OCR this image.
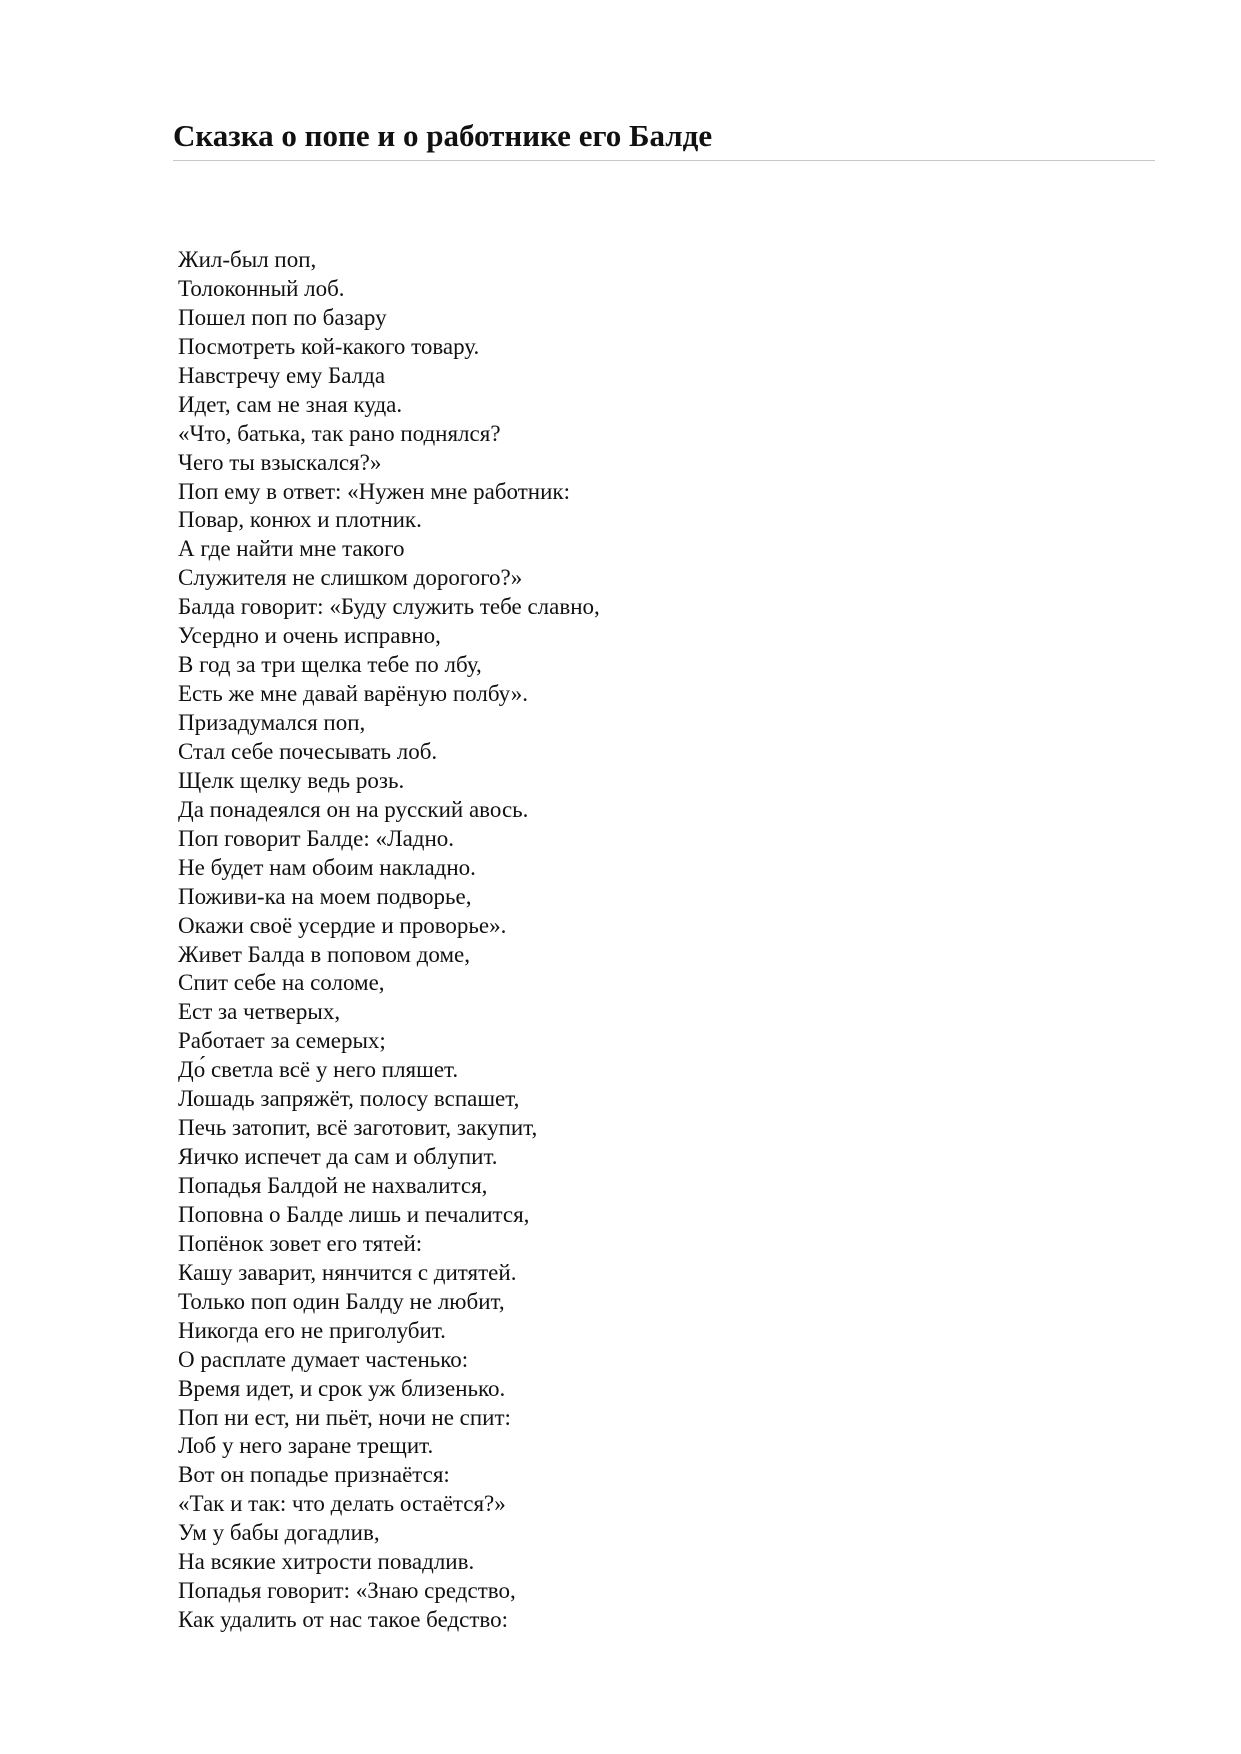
Сказка о попе и о работнике его Балде
Жил-был поп,
Толоконный лоб.
Пошел поп по базару
Посмотреть кой-какого товару.
Навстречу ему Балда
Идет, сам не зная куда.
«Что, батька, так рано поднялся?
Чего ты взыскался?»
Поп ему в ответ: «Нужен мне работник:
Повар, конюх и плотник.
А где найти мне такого
Служителя не слишком дорогого?»
Балда говорит: «Буду служить тебе славно,
Усердно и очень исправно,
В год за три щелка тебе по лбу,
Есть же мне давай варёную полбу».
Призадумался поп,
Стал себе почесывать лоб.
Щелк щелку ведь розь.
Да понадеялся он на русский авось.
Поп говорит Балде: «Ладно.
Не будет нам обоим накладно.
Поживи-ка на моем подворье,
Окажи своё усердие и проворье».
Живет Балда в поповом доме,
Спит себе на соломе,
Ест за четверых,
Работает за семерых;
До́ светла всё у него пляшет.
Лошадь запряжёт, полосу вспашет,
Печь затопит, всё заготовит, закупит,
Яичко испечет да сам и облупит.
Попадья Балдой не нахвалится,
Поповна о Балде лишь и печалится,
Попёнок зовет его тятей:
Кашу заварит, нянчится с дитятей.
Только поп один Балду не любит,
Никогда его не приголубит.
О расплате думает частенько:
Время идет, и срок уж близенько.
Поп ни ест, ни пьёт, ночи не спит:
Лоб у него заране трещит.
Вот он попадье признаётся:
«Так и так: что делать остаётся?»
Ум у бабы догадлив,
На всякие хитрости повадлив.
Попадья говорит: «Знаю средство,
Как удалить от нас такое бедство:
